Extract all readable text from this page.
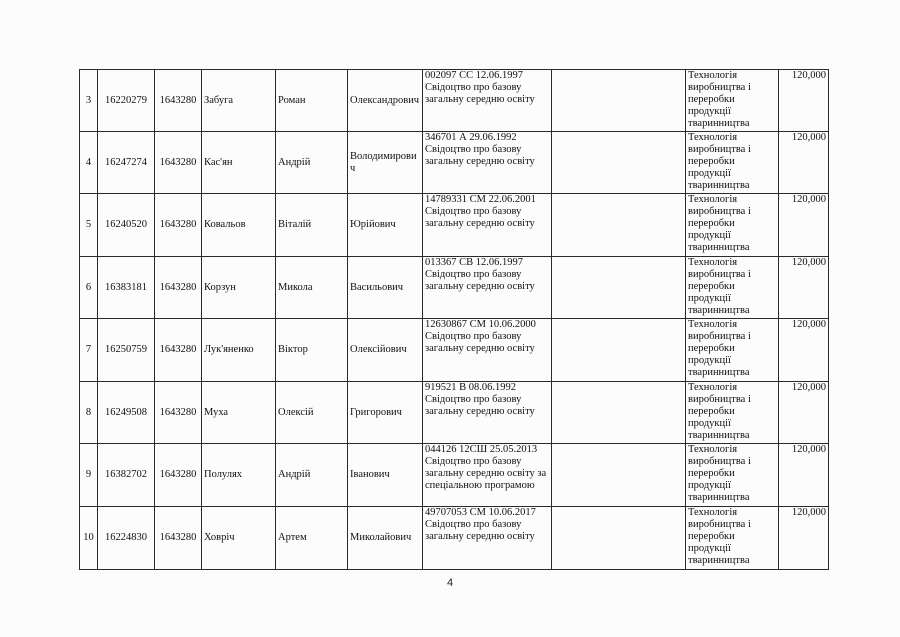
3	16220279	1643280	Забуга	Роман	Олександрович	002097 СС 12.06.1997
Свідоцтво про базову загальну середню освіту		Технологія виробництва і переробки продукції тваринництва	120,000
4	16247274	1643280	Кас'ян	Андрій	Володимирови ч	346701 А 29.06.1992
Свідоцтво про базову загальну середню освіту		Технологія виробництва і переробки продукції тваринництва	120,000
5	16240520	1643280	Ковальов	Віталій	Юрійович	14789331 СМ 22.06.2001
Свідоцтво про базову загальну середню освіту		Технологія виробництва і переробки продукції тваринництва	120,000
6	16383181	1643280	Корзун	Микола	Васильович	013367 СВ 12.06.1997
Свідоцтво про базову загальну середню освіту		Технологія виробництва і переробки продукції тваринництва	120,000
7	16250759	1643280	Лук'яненко	Віктор	Олексійович	12630867 СМ 10.06.2000
Свідоцтво про базову загальну середню освіту		Технологія виробництва і переробки продукції тваринництва	120,000
8	16249508	1643280	Муха	Олексій	Григорович	919521 В 08.06.1992
Свідоцтво про базову загальну середню освіту		Технологія виробництва і переробки продукції тваринництва	120,000
9	16382702	1643280	Полулях	Андрій	Іванович	044126 12СШ 25.05.2013
Свідоцтво про базову загальну середню освіту за спеціальною програмою		Технологія виробництва і переробки продукції тваринництва	120,000
10	16224830	1643280	Ховріч	Артем	Миколайович	49707053 СМ 10.06.2017
Свідоцтво про базову загальну середню освіту		Технологія виробництва і переробки продукції тваринництва	120,000
4
